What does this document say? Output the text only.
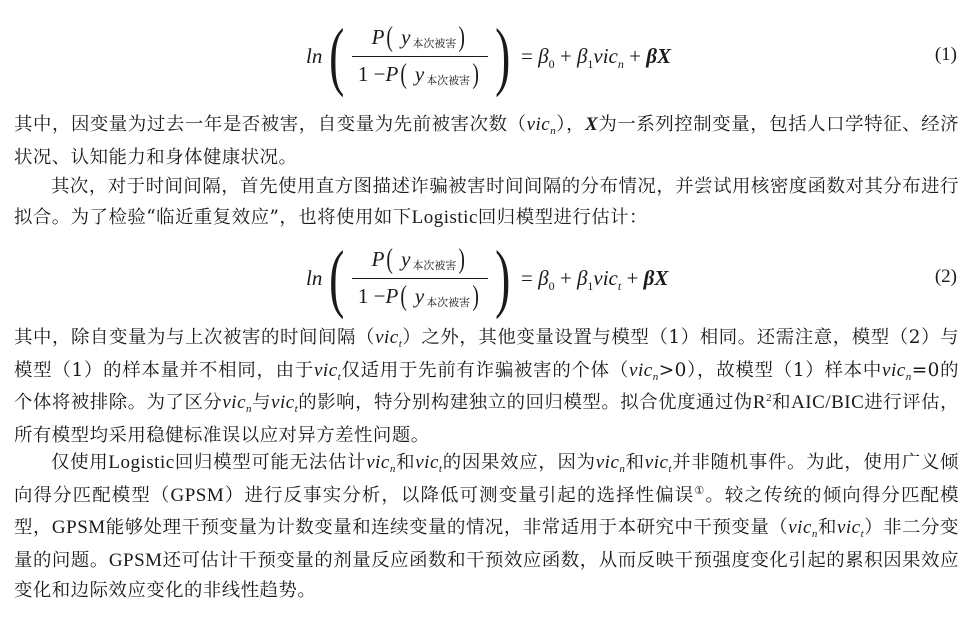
ln ( P (
y 本次被害 )
1 − P (
y 本次被害 ) ) = $\beta_0 + \beta_1vic_n + \beta X$	(1)
其中，因变量为过去一年是否被害，自变量为先前被害次数（vic$_n$），X为一系列控制变量，包括人口学特征、经济状况、认知能力和身体健康状况。
其次，对于时间间隔，首先使用直方图描述诈骗被害时间间隔的分布情况，并尝试用核密度函数对其分布进行拟合。为了检验“临近重复效应”，也将使用如下Logistic回归模型进行估计：
ln ( P (
y 本次被害 )
1 − P (
y 本次被害 ) ) = $\beta_0 + \beta_1vic_t + \beta X$	(2)
其中，除自变量为与上次被害的时间间隔（vic$_t$）之外，其他变量设置与模型（1）相同。还需注意，模型（2）与模型（1）的样本量并不相同，由于vic$_t$仅适用于先前有诈骗被害的个体（vic$_n$>0），故模型（1）样本中vic$_n$=0的个体将被排除。为了区分vic$_n$与vic$_t$的影响，特分别构建独立的回归模型。拟合优度通过伪$R^2$和AIC/BIC进行评估，所有模型均采用稳健标准误以应对异方差性问题。
仅使用Logistic回归模型可能无法估计vic$_n$和vic$_t$的因果效应，因为vic$_n$和vic$_t$并非随机事件。为此，使用广义倾向得分匹配模型（GPSM）进行反事实分析，以降低可测变量引起的选择性偏误①。较之传统的倾向得分匹配模型，GPSM能够处理干预变量为计数变量和连续变量的情况，非常适用于本研究中干预变量（vic$_n$和vic$_t$）非二分变量的问题。GPSM还可估计干预变量的剂量反应函数和干预效应函数，从而反映干预强度变化引起的累积因果效应变化和边际效应变化的非线性趋势。
